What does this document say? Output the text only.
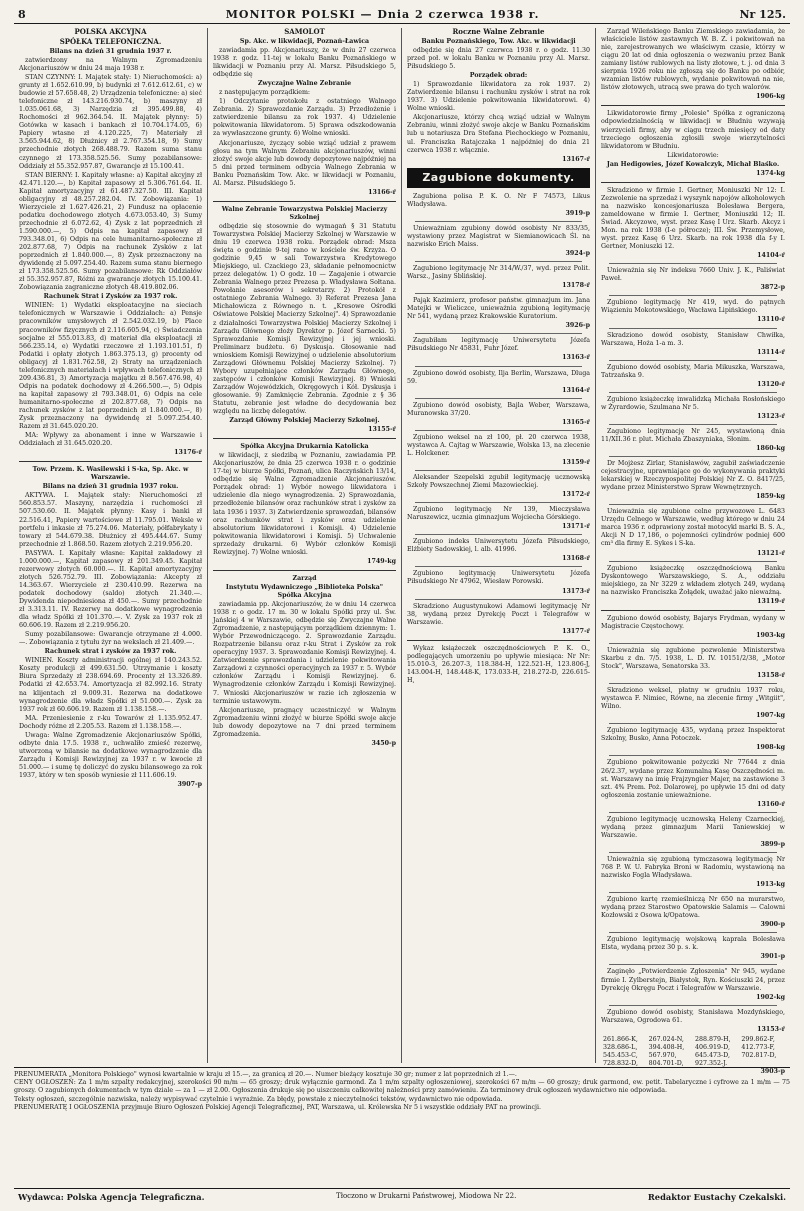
8	MONITOR POLSKI — Dnia 2 czerwca 1938 r.	Nr 125.

POLSKA AKCYJNA

SPÓŁKA TELEFONICZNA.

Bilans na dzień 31 grudnia 1937 r.

zatwierdzony na Walnym Zgromadzeniu Akcjonariuszów w dniu 24 maja 1938 r.

STAN CZYNNY: I. Majątek stały: 1) Nieruchomości: a) grunty zł 1.652.610.99, b) budynki zł 7.612.612.61, c) w budowie zł 57.658.48, 2) Urządzenia telefoniczne: a) sieć telefoniczne zł 143.216.930.74, b) maszyny zł 1.035.061.68, 3) Narzędzia zł 395.499.88, 4) Rochomości zł 962.364.54. II. Majątek płynny: 5) Gotówka w kasach i bankach zł 10.704.174.05, 6) Papiery wtasne zł 4.120.225, 7) Materiały zł 3.565.944.62, 8) Dłużnicy zł 2.767.354.18, 9) Sumy przechodnie złotych 268.488.79. Razem suma stanu czynnego zł 173.358.525.56. Sumy pozabilansowe: Oddziały zł 55.352.957.87, Gwarancje zł 15.100.41.

STAN BIERNY: I. Kapitały własne: a) Kapitał akcyjny zł 42.471.120.—, b) Kapitał zapasowy zł 5.306.761.64. II. Kapitał amortyzacyjny zł 61.487.327.50. III. Kapitał obligacyjny zł 48.257.282.04. IV. Zobowiązania: 1) Wierzyciele zł 1.627.426.21, 2) Fundusz na opłacenie podatku dochodowego złotych 4.673.053.40, 3) Sumy przechodnie zł 6.072.62, 4) Zysk z lat poprzednich zł 1.590.000.—, 5) Odpis na kapitał zapasowy zł 793.348.01, 6) Odpis na cele humanitarno-społeczne zł 202.877.68, 7) Odpis na rachunek Zysków z lat poprzednich zł 1.840.000.—, 8) Zysk przeznaczony na dywidendę zł 5.097.254.40. Razem suma stanu biernego zł 173.358.525.56. Sumy pozabilansowe: Rk Oddziałów zł 55.352.957.87, Różni za gwarancje złotych 15.100.41. Zobowiązania zagraniczne złotych 48.419.802.06.

Rachunek Strat i Zysków za 1937 rok.

WINIEN: 1) Wydatki eksploatacyjne na sieciach telefonicznych w Warszawie i Oddziałach: a) Pensje pracowników umysłowych zł 2.542.032.19, b) Place pracowników fizycznych zł 2.116.605.94, c) Świadczenia socjalne zł 555.013.83, d) materiał dla eksploatacji zł 566.235.14, e) Wydatki rzeczowe zł 1.193.101.51, f) Podatki i opłaty złotych 1.863.375.13, g) procenty od obligacyj zł 1.831.762.58, 2) Straty na urządzeniach telefonicznych materiałach i wpływach telefonicznych zł 209.436.81, 3) Amortyzacja majątku zł 8.567.476.98, 4) Odpis na podatek dochodowy zł 4.266.500.—, 5) Odpis na kapitał zapasowy zł 793.348.01, 6) Odpis na cele humanitarno-społeczne zł 202.877.68, 7) Odpis na rachunek zysków z lat poprzednich zł 1.840.000.—, 8) Zysk przeznaczony na dywidendę zł 5.097.254.40. Razem zł 31.645.020.20.

MA: Wpływy za abonament i inne w Warszawie i Oddziałach zł 31.645.020.20.

13176-ŕ

Tow. Przem. K. Wasilewski i S-ka, Sp. Akc. w Warszawie.

Bilans na dzień 31 grudnia 1937 roku.

AKTYWA. I. Majątek stały: Nieruchomości zł 560.853.57. Maszyny, narzędzia i ruchomości zł 507.530.60. II. Majątek płynny: Kasy i banki zł 22.516.41, Papiery wartościowe zł 11.795.01. Weksle w portfelu i inkasie zł 75.274.06. Materiały, półfabrykaty i towary zł 544.679.38. Dłużnicy zł 495.444.67. Sumy przechodnie zł 1.868.50. Razem złotych 2.219.956.20.

PASYWA. I. Kapitały własne: Kapitał zakładowy zł 1.000.000.—, Kapitał zapasowy zł 201.349.45. Kapitał rezerwowy złotych 60.000.—. II. Kapitał amortyzacyjny złotych 526.752.79. III. Zobowiązania: Akcepty zł 14.363.67. Wierzyciele zł 230.410.99. Rezerwa na podatek dochodowy (saldo) złotych 21.340.—. Dywidenda niepodniesiona zł 450.—. Sumy przechodnie zł 3.313.11. IV. Rezerwy na dodatkowe wynagrodzenia dla władz Spółki zł 101.370.—. V. Zysk za 1937 rok zł 60.606.19. Razem zł 2.219.956.20.

Sumy pozabilansowe: Gwarancje otrzymane zł 4.000.—. Zobowiązania z tytułu żyr na wekslach zł 21.409.—.

Rachunek strat i zysków za 1937 rok.

WINIEN. Koszty administracji ogólnej zł 140.243.52. Koszty produkcji zł 499.631.50. Utrzymanie i koszty Biura Sprzedaży zł 238.694.69. Procenty zł 13.326.89. Podatki zł 42.653.74. Amortyzacja zł 82.992.16. Straty na klijentach zł 9.009.31. Rezerwa na dodatkowe wynagrodzenie dla władz Spółki zł 51.000.—. Zysk za 1937 rok zł 60.606.19. Razem zł 1.138.158.—.

MA. Przeniesienie z r-ku Towarów zł 1.135.952.47. Dochody różne zł 2.205.53. Razem zł 1.138.158.—.

Uwaga: Walne Zgromadzenie Akcjonariuszów Spółki, odbyte dnia 17.5. 1938 r., uchwaliło zmieść rezerwę, utworzoną w bilansie na dodatkowe wynagrodzenie dla Zarządu i Komisji Rewizyjnej za 1937 r. w kwocie zł 51.000.— i sumę tę doliczyć do zysku bilansowego za rok 1937, który w ten sposób wyniesie zł 111.606.19.

3907-p

SAMOLOT

Sp. Akc. w likwidacji, Poznań-Ławica

zawiadamia pp. Akcjonariuszy, że w dniu 27 czerwca 1938 r. godz. 11-tej w lokalu Banku Poznańskiego w likwidacji w Poznaniu przy Al. Marsz. Piłsudskiego 5, odbędzie się

Zwyczajne Walne Zebranie

z następującym porządkiem:

1) Odczytanie protokołu z ostatniego Walnego Zebrania. 2) Sprawozdanie Zarządu. 3) Przedłożenie i zatwierdzenie bilansu za rok 1937. 4) Udzielenie pokwitowania likwidatorom. 5) Sprawa odszkodowania za wywłaszczone grunty. 6) Wolne wnioski.

Akcjonariusze, życzący sobie wziąć udział z prawem głosu na tym Walnym Zebraniu akcjonariuszów, winni złożyć swoje akcje lub dowody depozytowe najpóźniej na 5 dni przed terminem odbycia Walnego Zebrania w Banku Poznańskim Tow. Akc. w likwidacji w Poznaniu, Al. Marsz. Piłsudskiego 5.

13166-ŕ

Walne Zebranie Towarzystwa Polskiej Macierzy Szkolnej

odbędzie się stosownie do wymagań § 31 Statutu Towarzystwa Polskiej Macierzy Szkolnej w Warszawie w dniu 19 czerwca 1938 roku. Porządek obrad: Msza święta o godzinie 9-tej rano w kościele św. Krzyża. O godzinie 9,45 w sali Towarzystwa Kredytowego Miejskiego, ul. Czackiego 23, składanie pełnomocnictw przez delegatów. 1) O godz. 10 — Zagajenie i otwarcie Zebrania Walnego przez Prezesa p. Władysława Sołtana. Powołanie asesorów i sekretarzy. 2) Protokół z ostatniego Zebrania Walnego. 3) Referat Prezesa Jana Michałowicza z Równego n. t. „Kresowe Ośrodki Oświatowe Polskiej Macierzy Szkolnej". 4) Sprawozdanie z działalności Towarzystwa Polskiej Macierzy Szkolnej i Zarządu Głównego złoży Dyrektor p. Józef Sarnecki. 5) Sprawozdanie Komisji Rewizyjnej i jej wnioski. Preliminarz budżetu. 6) Dyskusja. Głosowanie nad wnioskiem Komisji Rewizyjnej o udzielenie absolutorium Zarządowi Głównemu Polskiej Macierzy Szkolnej. 7) Wybory uzupełniające członków Zarządu Głównego, zastępców i członków Komisji Rewizyjnej. 8) Wnioski Zarządów Wojewódzkich, Okręgowych i Kół. Dyskusja i głosowanie. 9) Zamknięcie Zebrania. Zgodnie z § 36 Statutu, zebranie jest władne do decydowania bez względu na liczbę delegatów.

Zarząd Główny Polskiej Macierzy Szkolnej.

13155-ŕ

Spółka Akcyjna Drukarnia Katolicka

w likwidacji, z siedzibą w Poznaniu, zawiadamia PP. Akcjonariuszów, że dnia 25 czerwca 1938 r. o godzinie 17-tej w biurze Spółki, Poznań, ulica Raczyńskich 13/14, odbędzie się Walne Zgromadzenie Akcjonariuszów. Porządek obrad: 1) Wybór nowego likwidatora i udzielenie dla niego wynagrodzenia. 2) Sprawozdania, przedłożenie bilansów oraz rachunków strat i zysków za lata 1936 i 1937. 3) Zatwierdzenie sprawozdań, bilansów oraz rachunków strat i zysków oraz udzielenie absolutorium likwidatorowi i Komisji. 4) Udzielenie pokwitowania likwidatorowi i Komisji. 5) Uchwalenie sprzedaży drukarni. 6) Wybór członków Komisji Rewizyjnej. 7) Wolne wnioski.

1749-kg

Zarząd

Instytutu Wydawniczego „Biblioteka Polska" Spółka Akcyjna

zawiadamia pp. Akcjonariuszów, że w dniu 14 czerwca 1938 r. o godz. 17 m. 30 w lokalu Spółki przy ul. Św. Jańskiej 4 w Warszawie, odbędzie się Zwyczajne Walne Zgromadzenie, z następującym porządkiem dziennym: 1. Wybór Przewodniczącego. 2. Sprawozdanie Zarządu. Rozpatrzenie bilansu oraz r-ku Strat i Zysków za rok operacyjny 1937. 3. Sprawozdanie Komisji Rewizyjnej. 4. Zatwierdzenie sprawozdania i udzielenie pokwitowania Zarządowi z czynności operacyjnych za 1937 r. 5. Wybór członków Zarządu i Komisji Rewizyjnej. 6. Wynagrodzenie członków Zarządu i Komisji Rewizyjnej. 7. Wnioski Akcjonariuszów w razie ich zgłoszenia w terminie ustawowym.

Akcjonariusze, pragnący uczestniczyć w Walnym Zgromadzeniu winni złożyć w biurze Spółki swoje akcje lub dowody depozytowe na 7 dni przed terminem Zgromadzenia.

3450-p

Roczne Walne Zebranie

Banku Poznańskiego, Tow. Akc. w likwidacji

odbędzie się dnia 27 czerwca 1938 r. o godz. 11.30 przed poł. w lokalu Banku w Poznaniu przy Al. Marsz. Piłsudskiego 5.

Porządek obrad:

1) Sprawozdanie likwidatora za rok 1937. 2) Zatwierdzenie bilansu i rachunku zysków i strat na rok 1937. 3) Udzielenie pokwitowania likwidatorowi. 4) Wolne wnioski.

Akcjonariusze, którzy chcą wziąć udział w Walnym Zebraniu, winni złożyć swoje akcje w Banku Poznańskim lub u notariusza Dra Stefana Piechockiego w Poznaniu, ul. Franciszka Ratajczaka 1 najpóźniej do dnia 21 czerwca 1938 r. włącznie.

13167-ŕ

Zagubione dokumenty.

Zagubiona polisa P. K. O. Nr F 74573, Likus Władysława.

3919-p

Unieważniam zgubiony dowód osobisty Nr 833/35, wystawiony przez Magistrat w Siemianowicach Śl. na nazwisko Erich Maiss.

3924-p

Zagubiono legitymację Nr 314/W./37, wyd. przez Polit. Warsz., Jasiny Sblińskiej.

13178-ŕ

Pająk Kazimierz, profesor państw. gimnazjum im. Jana Matejki w Wieliczce, unieważnia zgubioną legitymację Nr 541, wydaną przez Krakowskie Kuratorium.

3926-p

Zagubiłam legitymację Uniwersytetu Józefa Piłsudskiego Nr 45831, Fuhr Józef.

13163-ŕ

Zgubiono dowód osobisty, Ilja Berlin, Warszawa, Dluga 59.

13164-ŕ

Zgubiono dowód osobisty, Bajla Weber, Warszawa, Muranowska 37/20.

13165-ŕ

Zgubiono weksel na zł 100, pł. 20 czerwca 1938, wystawca A. Cajtag w Warszawie, Wolska 13, na zlecenie L. Holckener.

13159-ŕ

Aleksander Szepelski zgubił legitymację ucznowską Szkoły Powszechnej Ziemi Mazowieckiej.

13172-ŕ

Zgubiono legitymację Nr 139, Mieczysława Naruszewicz, ucznia gimnazjum Wojciecha Górskiego.

13171-ŕ

Zgubiono indeks Uniwersytetu Józefa Piłsudskiego, Elżbiety Sadowskiej, l. alb. 41996.

13168-ŕ

Zgubiono legitymację Uniwersytetu Józefa Piłsudskiego Nr 47962, Wiesław Porowski.

13173-ŕ

Skradziono Augustynukowi Adamowi legitymację Nr 38, wydaną przez Dyrekcję Poczt i Telegrafów w Warszawie.

13177-ŕ

Wykaz książeczek oszczędnościowych P. K. O., podlegających umorzeniu po upływie miesiąca: Nr Nr: 15.010-3, 26.207-3, 118.384-H, 122.521-H, 123.806-J, 143.004-H, 148.448-K, 173.033-H, 218.272-D, 226.615-H,

Zarząd Wileńskiego Banku Ziemskiego zawiadamia, że właściciele listów zastawnych W. B. Z. i pokwitowań na nie, zarejestrowanych we właściwym czasie, którzy w ciągu 20 lat od dnia ogłoszenia o wezwaniu przez Bank zamiany listów rublowych na listy złotowe, t. j. od dnia 3 sierpnia 1926 roku nie zgłoszą się do Banku po odbiór, wzamian listów rublowych, wydanie pokwitowań na nie, listów złotowych, utracą swe prawa do tych walorów.

1906-kg

Likwidatorowie firmy „Polesie" Spółka z ograniczoną odpowiedzialnością w likwidacji w Błudniu wzywają wierzycieli firmy, aby w ciągu trzech miesięcy od daty trzeciego ogłoszenia zgłosili swoje wierzytelności likwidatorom w Błudniu.

Likwidatorowie:

Jan Hedigowies, Józef Kowalczyk, Michał Blaśko.

1374-kg

Skradziono w firmie I. Gertner, Moniuszki Nr 12: I. Zezwolenie na sprzedaż i wyszynk napojów alkoholowych na nazwisko koncesjonariusza Bolesława Bergera, zameldowane w firmie I. Gertner, Moniuszki 12; II. Świad. Akcyzowe, wyst. przez Kasę I Urz. Skarb. Akcyz i Mon. na rok 1938 (I-e półrocze); III. Św. Przemysłowe, wyst. przez Kasę 6 Urz. Skarb. na rok 1938 dla f-y I. Gertner, Moniuszki 12.

14104-ŕ

Unieważnia się Nr indeksu 7660 Univ. J. K., Paliświat Paweł.

3872-p

Zgubiono legitymację Nr 419, wyd. do pątnych Wiązieniu Mokotowskiego, Wacława Lipińskiego.

13110-ŕ

Skradziono dowód osobisty, Stanisław Chwiłka, Warszawa, Hoża 1-a m. 3.

13114-ŕ

Zgubiono dowód osobisty, Maria Mikuszka, Warszawa, Tatrzańska 9.

13120-ŕ

Zgubiono książeczkę inwalidzką Michała Rosłońskiego w Żyrardowie, Szulmana Nr 5.

13123-ŕ

Zagubiono legitymację Nr 245, wystawioną dnia 11/XII.36 r. plut. Michała Zbaszyniaka, Słonim.

1860-kg

Dr Mojżesz Zirlar, Stanisławów, zagubił zaświadczenie cejestracyjne, uprawniające go do wykonywania praktyki lekarskiej w Rzeczypospolitej Polskiej Nr Z. O. 8417/25, wydane przez Ministerstwo Spraw Wewnętrznych.

1859-kg

Unieważnia się zgubione celne przywozowe L. 6483 Urzędu Celnego w Warszawie, według którego w dniu 24 marca 1936 r. odprawiony został motocykl marki B. S. A., Akcji N D 17,186, o pojemności cylindrów podniej 600 cm³ dla firmy E. Sykes i S-ka.

13121-ŕ

Zgubiono książeczkę oszczędnościową Banku Dyskontowego Warszawskiego, S. A., oddziału miejskiego, za Nr 3229 z wkładem złotych 249, wydaną na nazwisko Franciszka Żołądek, uważać jako nieważną.

13119-ŕ

Zgubiono dowód osobisty, Bajarys Frydman, wydany w Magistracie Częstochowy.

1903-kg

Unieważnia się zgubione pozwolenie Ministerstwa Skarbu z dn. 7/5. 1938, L. D. IV. 10151/2/38, „Motor Stock", Warszawa, Senatorska 33.

13158-ŕ

Skradziono weksel, płatny w grudniu 1937 roku, wystawca F. Nimiec, Równe, na zlecenie firmy „Witgiit", Wilno.

1907-kg

Zgubiono legitymację 435, wydaną przez Inspektorat Szkolny, Busko, Anna Potoczek.

1908-kg

Zgubiono pokwitowanie pożyczki Nr 77644 z dnia 26/2.37, wydane przez Komunalną Kasę Oszczędności m. st. Warszawy na imię Frajzyngier Majer, na zastawione 3 szt. 4% Prem. Poż. Dolarowej, po upływie 15 dni od daty ogłoszenia zostanie unieważnione.

13160-ŕ

Zgubiono legitymację ucznowską Heleny Czarneckiej, wydaną przez gimnazjum Marii Taniewskiej w Warszawie.

3899-p

Unieważnia się zgubioną tymczasową legitymację Nr 768 P. W. U. Fabryka Broni w Radomiu, wystawioną na nazwisko Fogla Władysława.

1913-kg

Zgubiono kartę rzemieślniczą Nr 650 na murarstwo, wydaną przez Starostwo Opatowskie Salamis — Calowni Kozłowski z Osowa k/Opatowa.

3900-p

Zgubiono legitymację wojskową kaprala Bolesława Elsta, wydaną przez 30 p. s. k.

3901-p

Zaginęło „Potwierdzenie Zgłoszenia" Nr 945, wydane firmie I. Zylberstejn, Białystok, Ryn. Kościuszki 24, przez Dyrekcję Okręgu Poczt i Telegrafów w Warszawie.

1902-kg

Zgubiono dowód osobisty, Stanisława Mozdyńskiego, Warszawa, Ogrodowa 61.

13153-ŕ

261.866-K,	267.024-N,	288.879-H,	299.862-F,
328.686-L,	394.408-H,	406.919-D,	412.773-F,
545.453-C,	567.970,	645.473-D,	702.817-D,
728.832-D,	804.701-D,	927.352-J.	

3903-p

PRENUMERATA „Monitora Polskiego" wynosi kwartalnie w kraju zł 15.—, za granicą zł 20.—. Numer bieżący kosztuje 30 gr; numer z lat poprzednich zł 1.—.

CENY OGŁOSZEŃ: Za 1 m/m szpalty redakcyjnej, szerokości 90 m/m — 65 groszy; druk wyłącznie garmond. Za 1 m/m szpalty ogłoszeniowej, szerokości 67 m/m — 60 groszy; druk garmond, ew. petit. Tabelaryczne i cyfrowe za 1 m/m — 75 groszy. O zagubionych dokumentach w tym dziale — za 1 — zł 2.00. Ogłoszenia drukuje się po uiszczeniu całkowitej należności przy zamówieniu. Za terminowy druk ogłoszeń wydawnictwo nie odpowiada.

Teksty ogłoszeń, szczególnie nazwiska, należy wypisywać czytelnie i wyraźnie. Za błędy, powstałe z nieczytelności tekstów, wydawnictwo nie odpowiada.

PRENUMERATĘ I OGŁOSZENIA przyjmuje Biuro Ogłoszeń Polskiej Agencji Telegraficznej, PAT, Warszawa, ul. Królewska Nr 5 i wszystkie oddziały PAT na prowincji.

Wydawca: Polska Agencja Telegraficzna.	Tłoczono w Drukarni Państwowej, Miodowa Nr 22.	Redaktor Eustachy Czekalski.
